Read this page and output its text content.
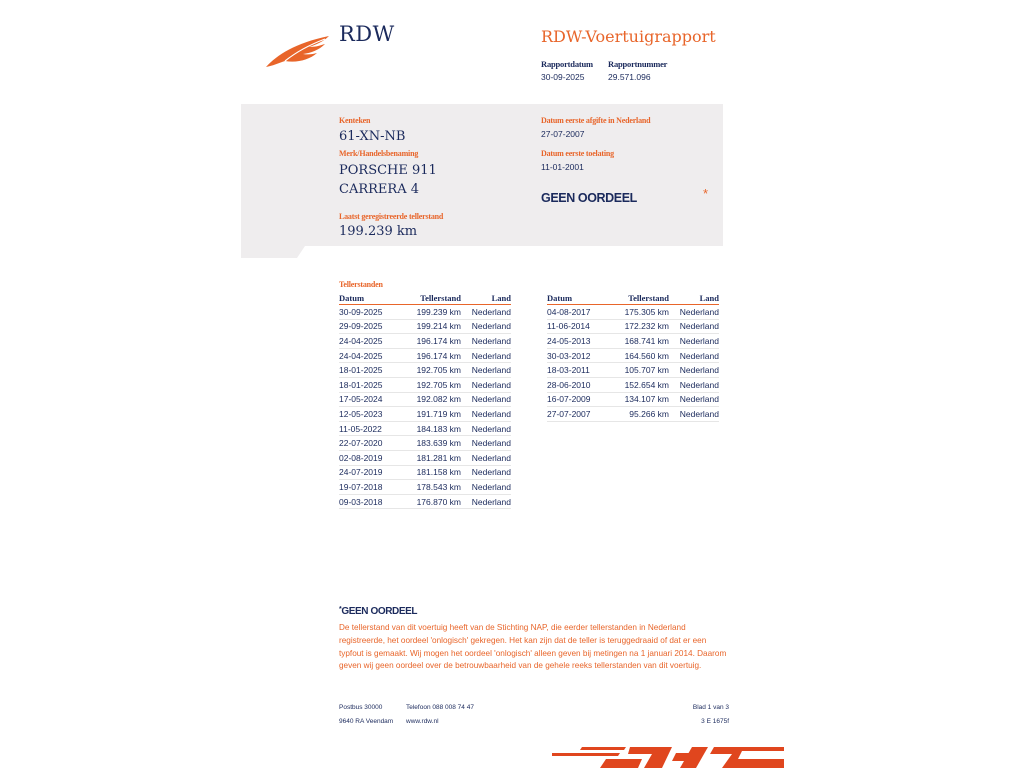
RDW	RDW-Voertuigrapport
Rapportdatum
30-09-2025
Rapportnummer
29.571.096
Kenteken
61-XN-NB
Merk/Handelsbenaming
PORSCHE 911
CARRERA 4
Laatst geregistreerde tellerstand
199.239 km
Datum eerste afgifte in Nederland
27-07-2007
Datum eerste toelating
11-01-2001
GEEN OORDEEL	*
Tellerstanden
Datum	Tellerstand	Land
30-09-2025	199.239 km	Nederland
29-09-2025	199.214 km	Nederland
24-04-2025	196.174 km	Nederland
24-04-2025	196.174 km	Nederland
18-01-2025	192.705 km	Nederland
18-01-2025	192.705 km	Nederland
17-05-2024	192.082 km	Nederland
12-05-2023	191.719 km	Nederland
11-05-2022	184.183 km	Nederland
22-07-2020	183.639 km	Nederland
02-08-2019	181.281 km	Nederland
24-07-2019	181.158 km	Nederland
19-07-2018	178.543 km	Nederland
09-03-2018	176.870 km	Nederland
Datum	Tellerstand	Land
04-08-2017	175.305 km	Nederland
11-06-2014	172.232 km	Nederland
24-05-2013	168.741 km	Nederland
30-03-2012	164.560 km	Nederland
18-03-2011	105.707 km	Nederland
28-06-2010	152.654 km	Nederland
16-07-2009	134.107 km	Nederland
27-07-2007	95.266 km	Nederland
*GEEN OORDEEL
De tellerstand van dit voertuig heeft van de Stichting NAP, die eerder tellerstanden in Nederland registreerde, het oordeel 'onlogisch' gekregen. Het kan zijn dat de teller is teruggedraaid of dat er een typfout is gemaakt. Wij mogen het oordeel 'onlogisch' alleen geven bij metingen na 1 januari 2014. Daarom geven wij geen oordeel over de betrouwbaarheid van de gehele reeks tellerstanden van dit voertuig.
Postbus 30000
9640 RA Veendam
Telefoon 088 008 74 47
www.rdw.nl
Blad 1 van 3
3 E 1675f
